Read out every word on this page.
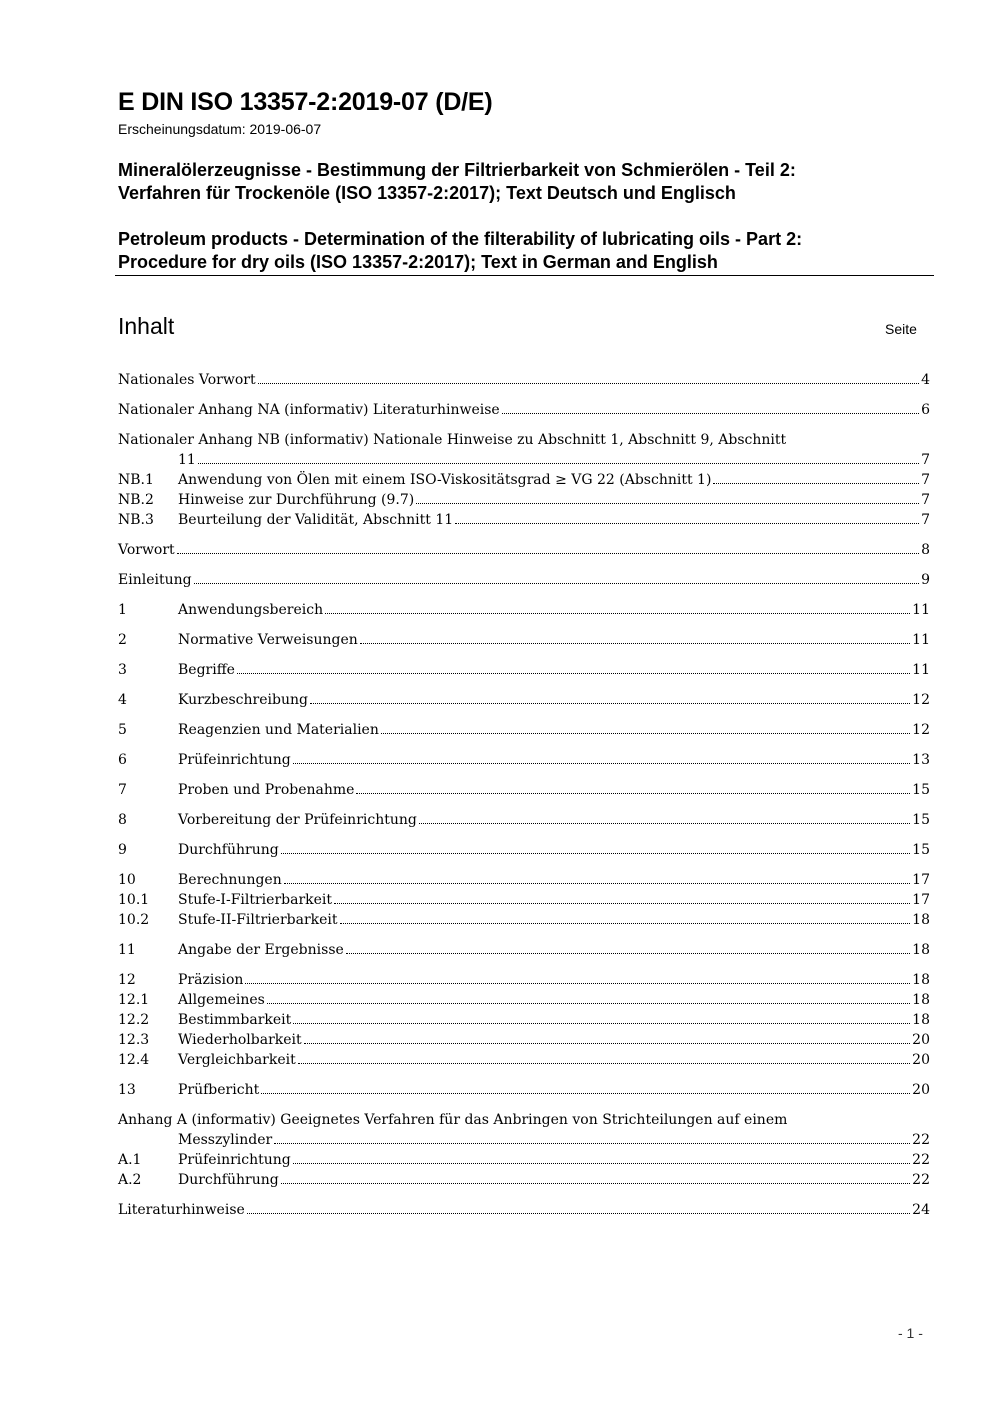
E DIN ISO 13357-2:2019-07 (D/E)
Erscheinungsdatum: 2019-06-07
Mineralölerzeugnisse - Bestimmung der Filtrierbarkeit von Schmierölen - Teil 2:
Verfahren für Trockenöle (ISO 13357-2:2017); Text Deutsch und Englisch
Petroleum products - Determination of the filterability of lubricating oils - Part 2:
Procedure for dry oils (ISO 13357-2:2017); Text in German and English
Inhalt	Seite
Nationales Vorwort	4
Nationaler Anhang NA (informativ) Literaturhinweise	6
Nationaler Anhang NB (informativ) Nationale Hinweise zu Abschnitt 1, Abschnitt 9, Abschnitt
11	7
NB.1 Anwendung von Ölen mit einem ISO-Viskositätsgrad ≥ VG 22 (Abschnitt 1)	7
NB.2 Hinweise zur Durchführung (9.7)	7
NB.3 Beurteilung der Validität, Abschnitt 11	7
Vorwort	8
Einleitung	9
1	Anwendungsbereich	11
2	Normative Verweisungen	11
3	Begriffe	11
4	Kurzbeschreibung	12
5	Reagenzien und Materialien	12
6	Prüfeinrichtung	13
7	Proben und Probenahme	15
8	Vorbereitung der Prüfeinrichtung	15
9	Durchführung	15
10	Berechnungen	17
10.1 Stufe-I-Filtrierbarkeit	17
10.2 Stufe-II-Filtrierbarkeit	18
11	Angabe der Ergebnisse	18
12	Präzision	18
12.1 Allgemeines	18
12.2 Bestimmbarkeit	18
12.3 Wiederholbarkeit	20
12.4 Vergleichbarkeit	20
13	Prüfbericht	20
Anhang A (informativ) Geeignetes Verfahren für das Anbringen von Strichteilungen auf einem
Messzylinder	22
A.1	Prüfeinrichtung	22
A.2	Durchführung	22
Literaturhinweise	24
- 1 -
